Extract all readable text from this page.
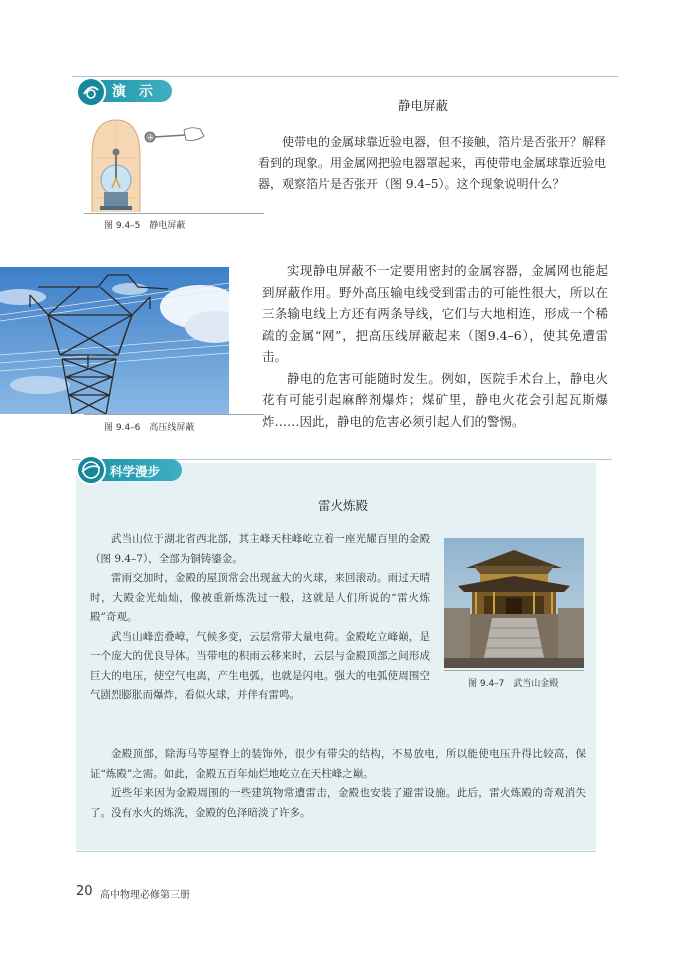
演 示
静电屏蔽
+
图 9.4–5　静电屏蔽

使带电的金属球靠近验电器，但不接触，箔片是否张开？解释看到的现象。用金属网把验电器罩起来，再使带电金属球靠近验电器，观察箔片是否张开（图 9.4–5）。这个现象说明什么？

图 9.4–6　高压线屏蔽

实现静电屏蔽不一定要用密封的金属容器，金属网也能起到屏蔽作用。野外高压输电线受到雷击的可能性很大，所以在三条输电线上方还有两条导线，它们与大地相连，形成一个稀疏的金属“网”，把高压线屏蔽起来（图9.4–6），使其免遭雷击。

静电的危害可能随时发生。例如，医院手术台上，静电火花有可能引起麻醉剂爆炸；煤矿里，静电火花会引起瓦斯爆炸……因此，静电的危害必须引起人们的警惕。

科学漫步
雷火炼殿

武当山位于湖北省西北部，其主峰天柱峰屹立着一座光耀百里的金殿（图 9.4–7），全部为铜铸鎏金。

雷雨交加时，金殿的屋顶常会出现盆大的火球，来回滚动。雨过天晴时，大殿金光灿灿，像被重新炼洗过一般，这就是人们所说的“雷火炼殿”奇观。

武当山峰峦叠嶂，气候多变，云层常带大量电荷。金殿屹立峰巅，是一个庞大的优良导体。当带电的积雨云移来时，云层与金殿顶部之间形成巨大的电压，使空气电离，产生电弧，也就是闪电。强大的电弧使周围空气剧烈膨胀而爆炸，看似火球，并伴有雷鸣。

金殿顶部，除海马等屋脊上的装饰外，很少有带尖的结构，不易放电，所以能使电压升得比较高，保证“炼殿”之需。如此，金殿五百年灿烂地屹立在天柱峰之巅。

近些年来因为金殿周围的一些建筑物常遭雷击，金殿也安装了避雷设施。此后，雷火炼殿的奇观消失了。没有水火的炼洗，金殿的色泽暗淡了许多。

图 9.4–7　武当山金殿
20 高中物理必修第三册
